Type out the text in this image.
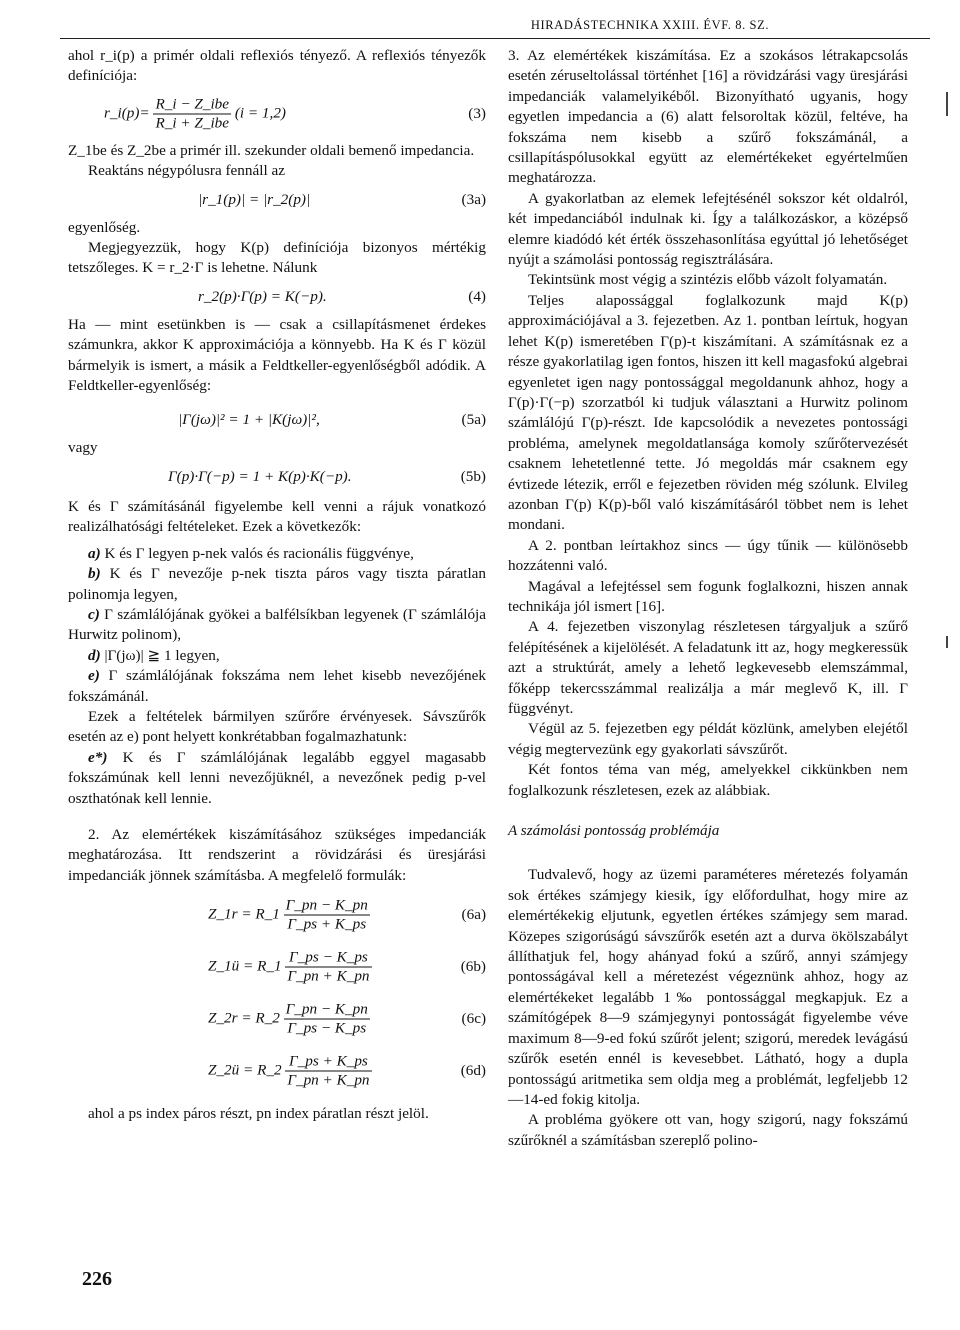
HIRADÁSTECHNIKA XXIII. ÉVF. 8. SZ.

ahol r_i(p) a primér oldali reflexiós tényező. A reflexiós tényezők definíciója:

r_i(p)= $\frac{\text{R\_i − Z\_ibe}}{\text{R\_i + Z\_ibe}} (i = 1,2)$	(3)

Z_1be és Z_2be a primér ill. szekunder oldali bemenő impedancia.

Reaktáns négypólusra fennáll az

|r_1(p)| = |r_2(p)|	(3a)

egyenlőség.

Megjegyezzük, hogy K(p) definíciója bizonyos mértékig tetszőleges. K = r_2·Γ is lehetne. Nálunk

r_2(p)·Γ(p) = K(−p).	(4)

Ha — mint esetünkben is — csak a csillapításmenet érdekes számunkra, akkor K approximációja a könnyebb. Ha K és Γ közül bármelyik is ismert, a másik a Feldtkeller-egyenlőségből adódik. A Feldtkeller-egyenlőség:

|Γ(jω)|² = 1 + |K(jω)|²,	(5a)

vagy

Γ(p)·Γ(−p) = 1 + K(p)·K(−p).	(5b)

K és Γ számításánál figyelembe kell venni a rájuk vonatkozó realizálhatósági feltételeket. Ezek a következők:

a) K és Γ legyen p-nek valós és racionális függvénye,

b) K és Γ nevezője p-nek tiszta páros vagy tiszta páratlan polinomja legyen,

c) Γ számlálójának gyökei a balfélsíkban legyenek (Γ számlálója Hurwitz polinom),

d) |Γ(jω)| ≧ 1 legyen,

e) Γ számlálójának fokszáma nem lehet kisebb nevezőjének fokszámánál.

Ezek a feltételek bármilyen szűrőre érvényesek. Sávszűrők esetén az e) pont helyett konkrétabban fogalmazhatunk:

e*) K és Γ számlálójának legalább eggyel magasabb fokszámúnak kell lenni nevezőjüknél, a nevezőnek pedig p-vel oszthatónak kell lennie.

2. Az elemértékek kiszámításához szükséges impedanciák meghatározása. Itt rendszerint a rövidzárási és üresjárási impedanciák jönnek számításba. A megfelelő formulák:

Z_1r = R_1 $\frac{\Gamma\_pn - K\_pn}{\Gamma\_ps + K\_ps}$	(6a)
Z_1ü = R_1 $\frac{\Gamma\_ps - K\_ps}{\Gamma\_pn + K\_pn}$	(6b)
Z_2r = R_2 $\frac{\Gamma\_pn - K\_pn}{\Gamma\_ps - K\_ps}$	(6c)
Z_2ü = R_2 $\frac{\Gamma\_ps + K\_ps}{\Gamma\_pn + K\_pn}$	(6d)

ahol a ps index páros részt, pn index páratlan részt jelöl.

3. Az elemértékek kiszámítása. Ez a szokásos létrakapcsolás esetén zéruseltolással történhet [16] a rövidzárási vagy üresjárási impedanciák valamelyikéből. Bizonyítható ugyanis, hogy egyetlen impedancia a (6) alatt felsoroltak közül, feltéve, ha fokszáma nem kisebb a szűrő fokszámánál, a csillapításpólusokkal együtt az elemértékeket egyértelműen meghatározza.

A gyakorlatban az elemek lefejtésénél sokszor két oldalról, két impedanciából indulnak ki. Így a találkozáskor, a középső elemre kiadódó két érték összehasonlítása egyúttal jó lehetőséget nyújt a számolási pontosság regisztrálására.

Tekintsünk most végig a szintézis előbb vázolt folyamatán.

Teljes alapossággal foglalkozunk majd K(p) approximációjával a 3. fejezetben. Az 1. pontban leírtuk, hogyan lehet K(p) ismeretében Γ(p)-t kiszámítani. A számításnak ez a része gyakorlatilag igen fontos, hiszen itt kell magasfokú algebrai egyenletet igen nagy pontossággal megoldanunk ahhoz, hogy a Γ(p)·Γ(−p) szorzatból ki tudjuk választani a Hurwitz polinom számlálójú Γ(p)-részt. Ide kapcsolódik a nevezetes pontossági probléma, amelynek megoldatlansága komoly szűrőtervezését csaknem lehetetlenné tette. Jó megoldás már csaknem egy évtizede létezik, erről e fejezetben röviden még szólunk. Elvileg azonban Γ(p) K(p)-ből való kiszámításáról többet nem is lehet mondani.

A 2. pontban leírtakhoz sincs — úgy tűnik — különösebb hozzátenni való.

Magával a lefejtéssel sem fogunk foglalkozni, hiszen annak technikája jól ismert [16].

A 4. fejezetben viszonylag részletesen tárgyaljuk a szűrő felépítésének a kijelölését. A feladatunk itt az, hogy megkeressük azt a struktúrát, amely a lehető legkevesebb elemszámmal, főképp tekercsszámmal realizálja a már meglevő K, ill. Γ függvényt.

Végül az 5. fejezetben egy példát közlünk, amelyben elejétől végig megtervezünk egy gyakorlati sávszűrőt.

Két fontos téma van még, amelyekkel cikkünkben nem foglalkozunk részletesen, ezek az alábbiak.

A számolási pontosság problémája

Tudvalevő, hogy az üzemi paraméteres méretezés folyamán sok értékes számjegy kiesik, így előfordulhat, hogy mire az elemértékekig eljutunk, egyetlen értékes számjegy sem marad. Közepes szigorúságú sávszűrők esetén azt a durva ökölszabályt állíthatjuk fel, hogy ahányad fokú a szűrő, annyi számjegy pontosságával kell a méretezést végeznünk ahhoz, hogy az elemértékeket legalább 1‰ pontossággal megkapjuk. Ez a számítógépek 8—9 számjegynyi pontosságát figyelembe véve maximum 8—9-ed fokú szűrőt jelent; szigorú, meredek levágású szűrők esetén ennél is kevesebbet. Látható, hogy a dupla pontosságú aritmetika sem oldja meg a problémát, legfeljebb 12—14-ed fokig kitolja.

A probléma gyökere ott van, hogy szigorú, nagy fokszámú szűrőknél a számításban szereplő polino-

226
